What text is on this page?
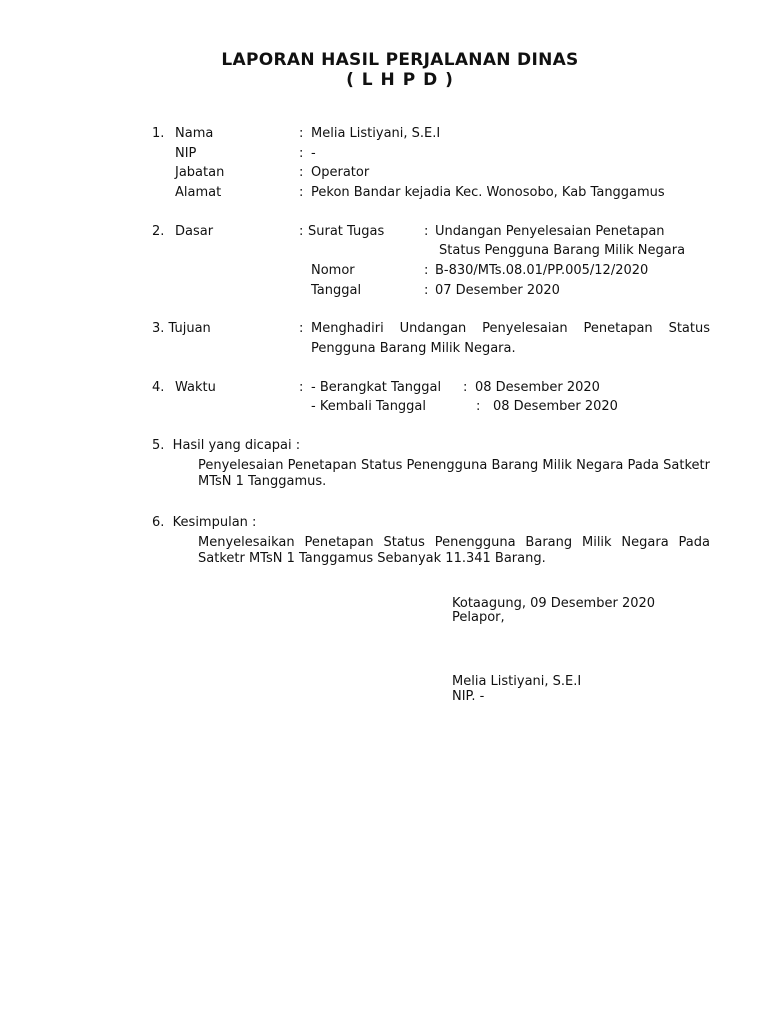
LAPORAN HASIL PERJALANAN DINAS
( L H P D )
1. Nama	: Melia Listiyani, S.E.I
NIP	: -
Jabatan	: Operator
Alamat	: Pekon Bandar kejadia Kec. Wonosobo, Kab Tanggamus
2. Dasar	: Surat Tugas	: Undangan Penyelesaian Penetapan
Status Pengguna Barang Milik Negara
Nomor	: B-830/MTs.08.01/PP.005/12/2020
Tanggal	: 07 Desember 2020
3. Tujuan	: Menghadiri Undangan Penyelesaian Penetapan Status
Pengguna Barang Milik Negara.
4. Waktu	: - Berangkat Tanggal : 08 Desember 2020
- Kembali Tanggal	: 08 Desember 2020
5.  Hasil yang dicapai :
Penyelesaian Penetapan Status Penengguna Barang Milik Negara Pada Satketr MTsN 1 Tanggamus.
6.  Kesimpulan :
Menyelesaikan Penetapan Status Penengguna Barang Milik Negara Pada Satketr MTsN 1 Tanggamus Sebanyak 11.341 Barang.
Kotaagung, 09 Desember 2020
Pelapor,
Melia Listiyani, S.E.I
NIP. -
